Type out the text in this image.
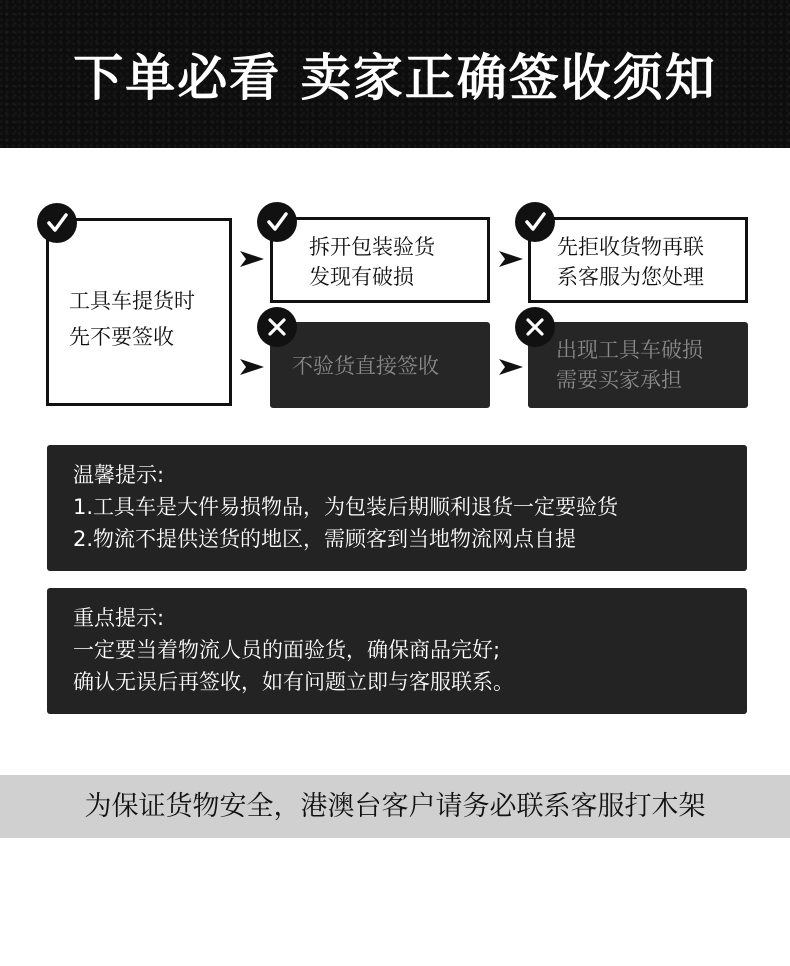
下单必看 卖家正确签收须知
工具车提货时
先不要签收
拆开包装验货
发现有破损
先拒收货物再联
系客服为您处理
不验货直接签收
出现工具车破损
需要买家承担
温馨提示:
1.工具车是大件易损物品，为包装后期顺利退货一定要验货
2.物流不提供送货的地区，需顾客到当地物流网点自提
重点提示:
一定要当着物流人员的面验货，确保商品完好;
确认无误后再签收，如有问题立即与客服联系。
为保证货物安全，港澳台客户请务必联系客服打木架
